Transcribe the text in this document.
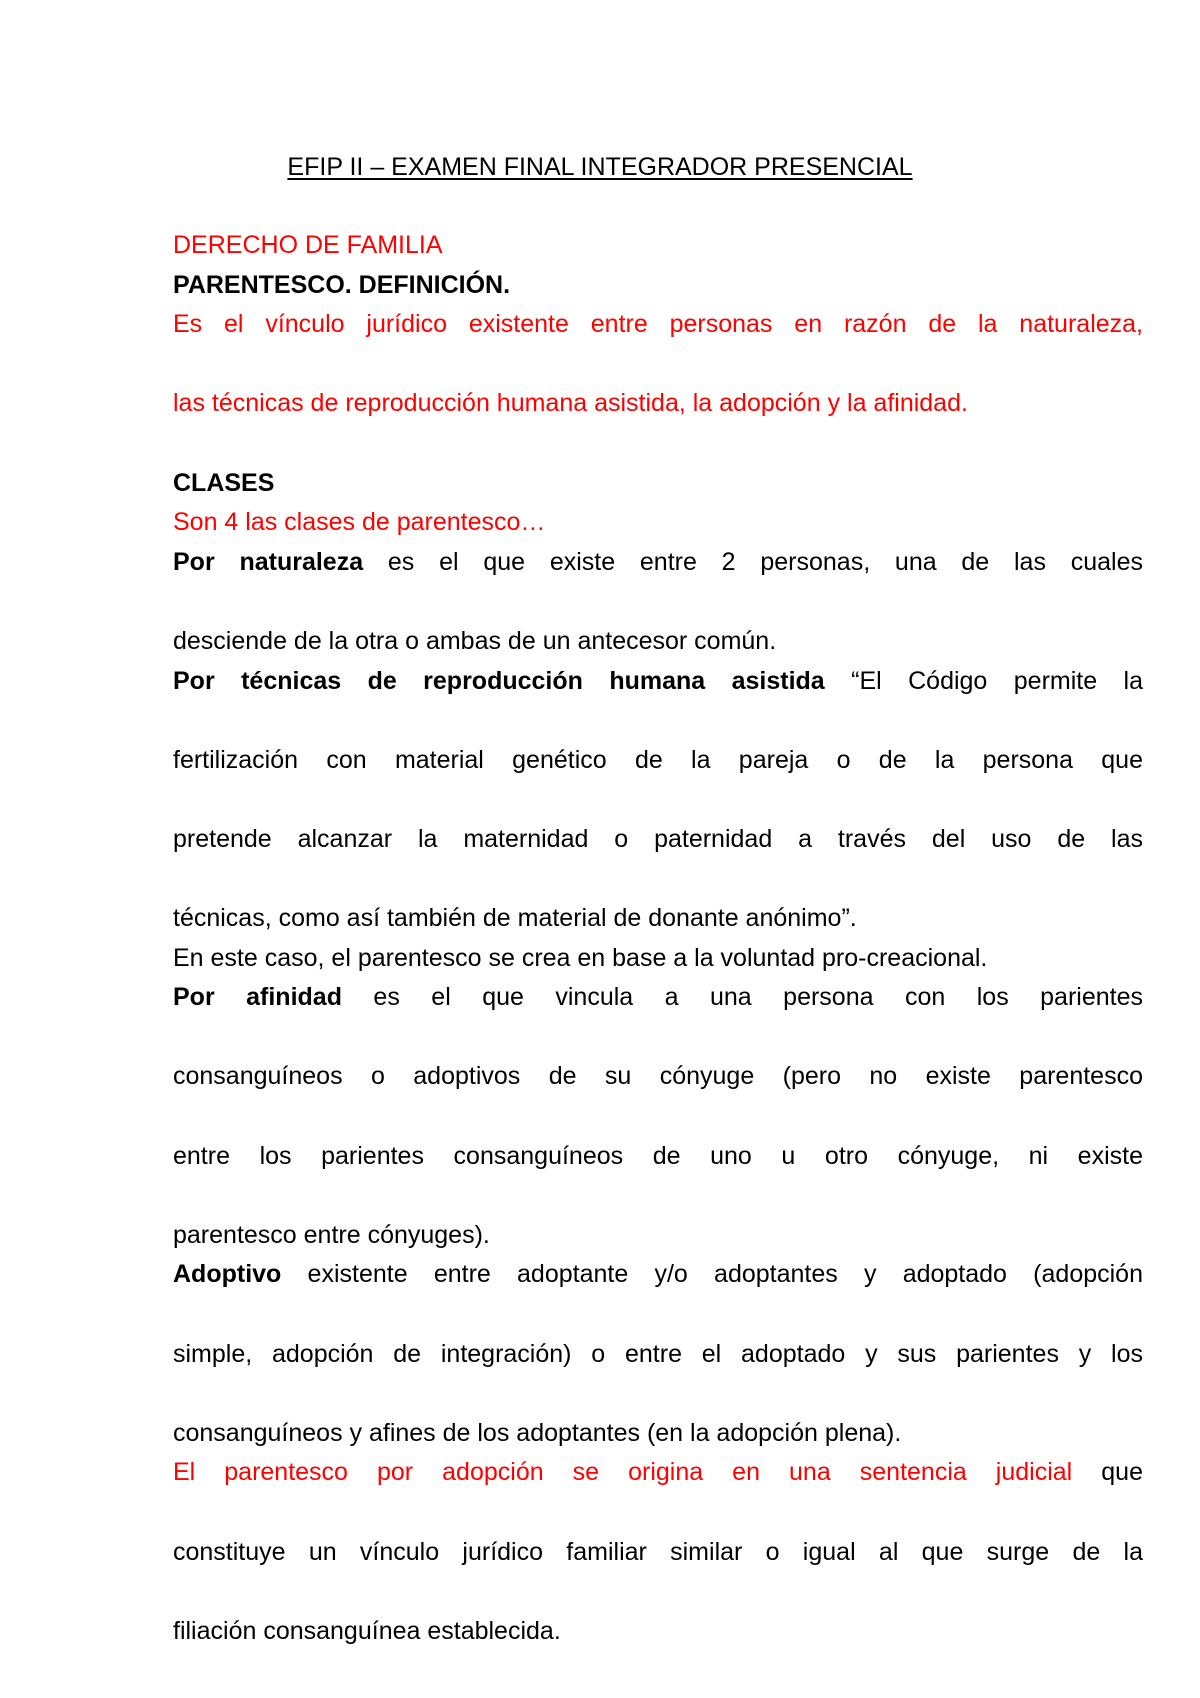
EFIP II – EXAMEN FINAL INTEGRADOR PRESENCIAL
DERECHO DE FAMILIA
PARENTESCO. DEFINICIÓN.
Es el vínculo jurídico existente entre personas en razón de la naturaleza,
las técnicas de reproducción humana asistida, la adopción y la afinidad.
CLASES
Son 4 las clases de parentesco…
Por naturaleza es el que existe entre 2 personas, una de las cuales
desciende de la otra o ambas de un antecesor común.
Por técnicas de reproducción humana asistida “El Código permite la
fertilización con material genético de la pareja o de la persona que
pretende alcanzar la maternidad o paternidad a través del uso de las
técnicas, como así también de material de donante anónimo”.
En este caso, el parentesco se crea en base a la voluntad pro-creacional.
Por afinidad es el que vincula a una persona con los parientes
consanguíneos o adoptivos de su cónyuge (pero no existe parentesco
entre los parientes consanguíneos de uno u otro cónyuge, ni existe
parentesco entre cónyuges).
Adoptivo existente entre adoptante y/o adoptantes y adoptado (adopción
simple, adopción de integración) o entre el adoptado y sus parientes y los
consanguíneos y afines de los adoptantes (en la adopción plena).
El parentesco por adopción se origina en una sentencia judicial que
constituye un vínculo jurídico familiar similar o igual al que surge de la
filiación consanguínea establecida.
